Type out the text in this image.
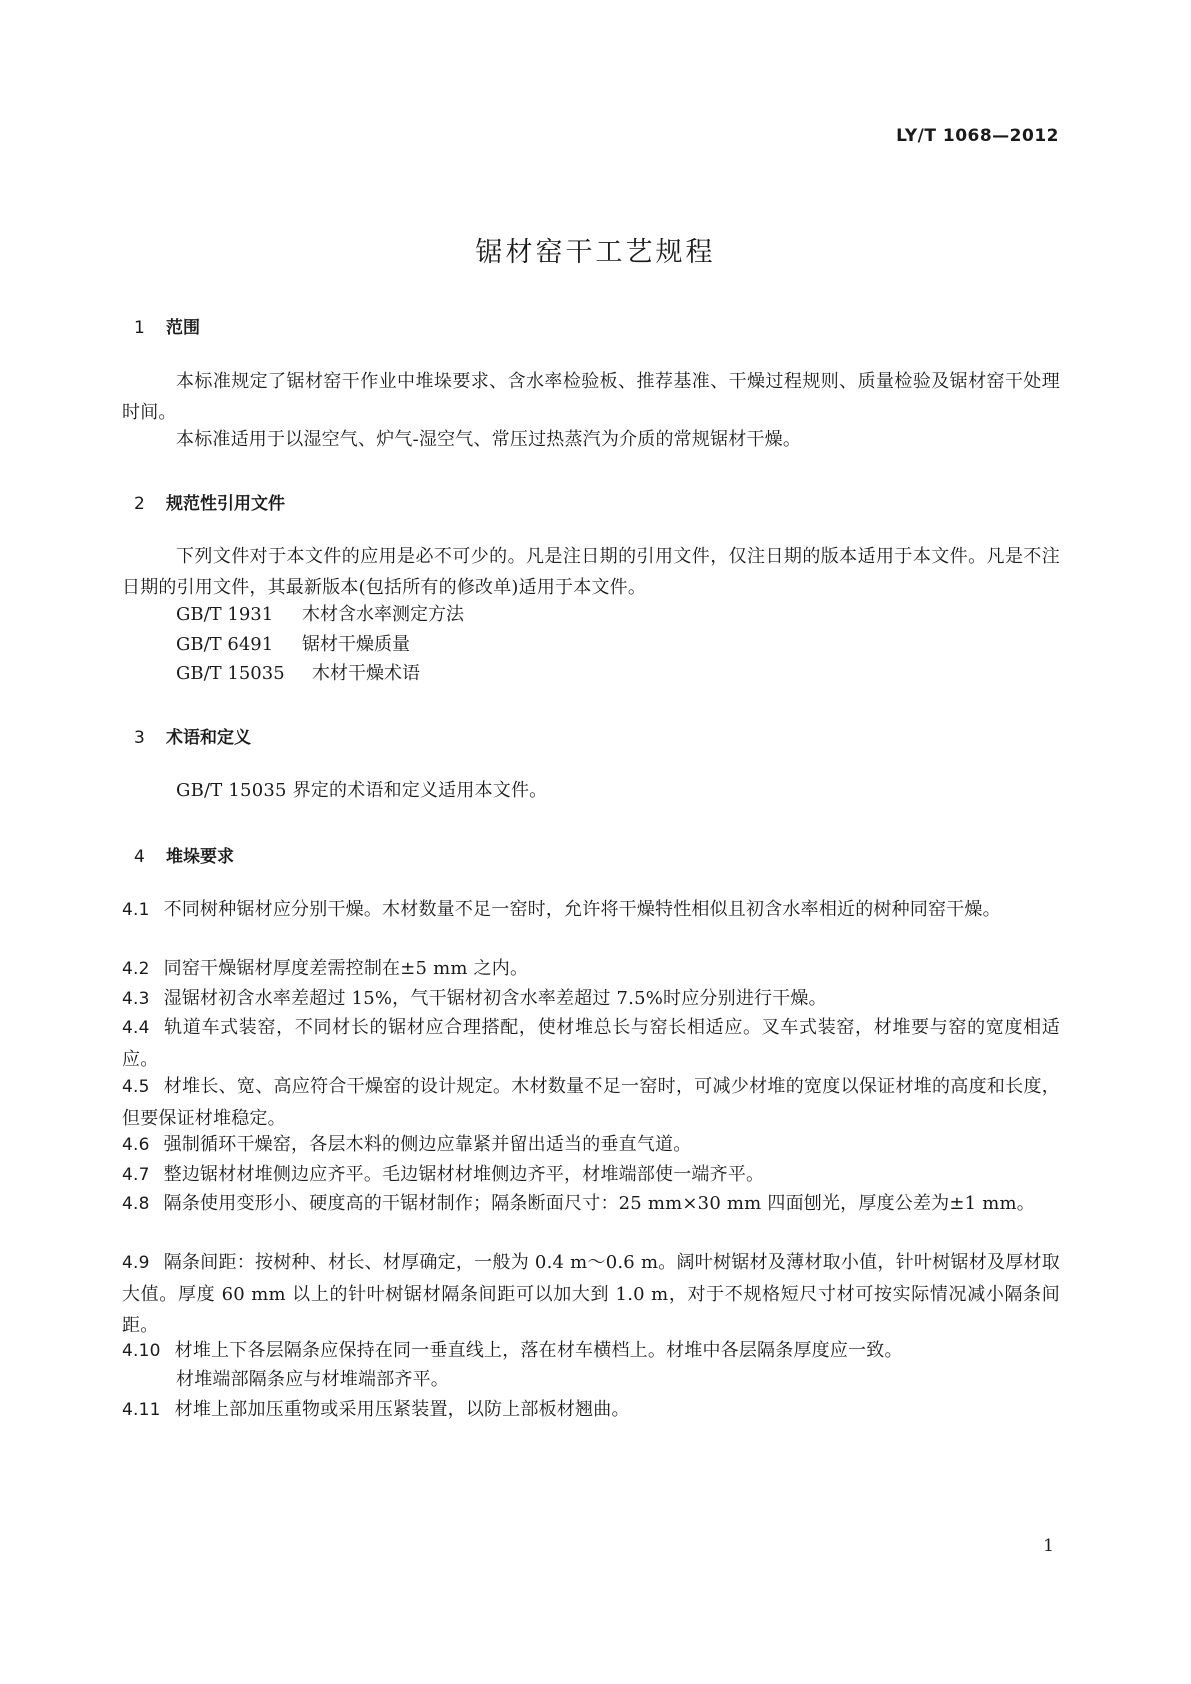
LY/T 1068—2012
锯材窑干工艺规程
1 范围
本标准规定了锯材窑干作业中堆垛要求、含水率检验板、推荐基准、干燥过程规则、质量检验及锯材窑干处理时间。
本标准适用于以湿空气、炉气-湿空气、常压过热蒸汽为介质的常规锯材干燥。
2 规范性引用文件
下列文件对于本文件的应用是必不可少的。凡是注日期的引用文件，仅注日期的版本适用于本文件。凡是不注日期的引用文件，其最新版本(包括所有的修改单)适用于本文件。
GB/T 1931 木材含水率测定方法
GB/T 6491 锯材干燥质量
GB/T 15035 木材干燥术语
3 术语和定义
GB/T 15035 界定的术语和定义适用本文件。
4 堆垛要求
4.1 不同树种锯材应分别干燥。木材数量不足一窑时，允许将干燥特性相似且初含水率相近的树种同窑干燥。
4.2 同窑干燥锯材厚度差需控制在±5 mm 之内。
4.3 湿锯材初含水率差超过 15%，气干锯材初含水率差超过 7.5%时应分别进行干燥。
4.4 轨道车式装窑，不同材长的锯材应合理搭配，使材堆总长与窑长相适应。叉车式装窑，材堆要与窑的宽度相适应。
4.5 材堆长、宽、高应符合干燥窑的设计规定。木材数量不足一窑时，可减少材堆的宽度以保证材堆的高度和长度，但要保证材堆稳定。
4.6 强制循环干燥窑，各层木料的侧边应靠紧并留出适当的垂直气道。
4.7 整边锯材材堆侧边应齐平。毛边锯材材堆侧边齐平，材堆端部使一端齐平。
4.8 隔条使用变形小、硬度高的干锯材制作；隔条断面尺寸：25 mm×30 mm 四面刨光，厚度公差为±1 mm。
4.9 隔条间距：按树种、材长、材厚确定，一般为 0.4 m～0.6 m。阔叶树锯材及薄材取小值，针叶树锯材及厚材取大值。厚度 60 mm 以上的针叶树锯材隔条间距可以加大到 1.0 m，对于不规格短尺寸材可按实际情况减小隔条间距。
4.10 材堆上下各层隔条应保持在同一垂直线上，落在材车横档上。材堆中各层隔条厚度应一致。
材堆端部隔条应与材堆端部齐平。
4.11 材堆上部加压重物或采用压紧装置，以防上部板材翘曲。
1
